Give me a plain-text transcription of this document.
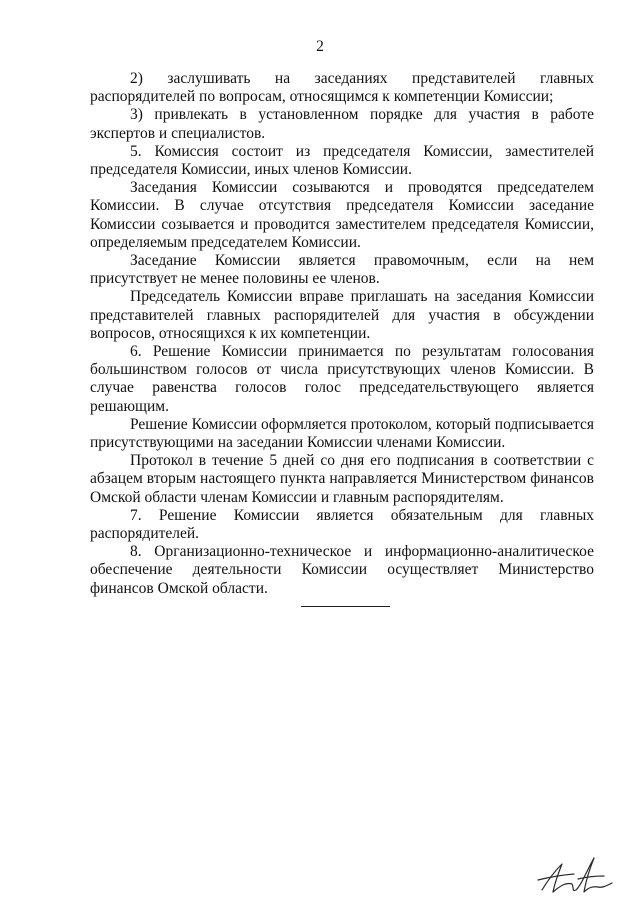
2

2) заслушивать на заседаниях представителей главных распорядителей по вопросам, относящимся к компетенции Комиссии;

3) привлекать в установленном порядке для участия в работе экспертов и специалистов.

5. Комиссия состоит из председателя Комиссии, заместителей председателя Комиссии, иных членов Комиссии.

Заседания Комиссии созываются и проводятся председателем Комиссии. В случае отсутствия председателя Комиссии заседание Комиссии созывается и проводится заместителем председателя Комиссии, определяемым председателем Комиссии.

Заседание Комиссии является правомочным, если на нем присутствует не менее половины ее членов.

Председатель Комиссии вправе приглашать на заседания Комиссии представителей главных распорядителей для участия в обсуждении вопросов, относящихся к их компетенции.

6. Решение Комиссии принимается по результатам голосования большинством голосов от числа присутствующих членов Комиссии. В случае равенства голосов голос председательствующего является решающим.

Решение Комиссии оформляется протоколом, который подписывается присутствующими на заседании Комиссии членами Комиссии.

Протокол в течение 5 дней со дня его подписания в соответствии с абзацем вторым настоящего пункта направляется Министерством финансов Омской области членам Комиссии и главным распорядителям.

7. Решение Комиссии является обязательным для главных распорядителей.

8. Организационно-техническое и информационно-аналитическое обеспечение деятельности Комиссии осуществляет Министерство финансов Омской области.
